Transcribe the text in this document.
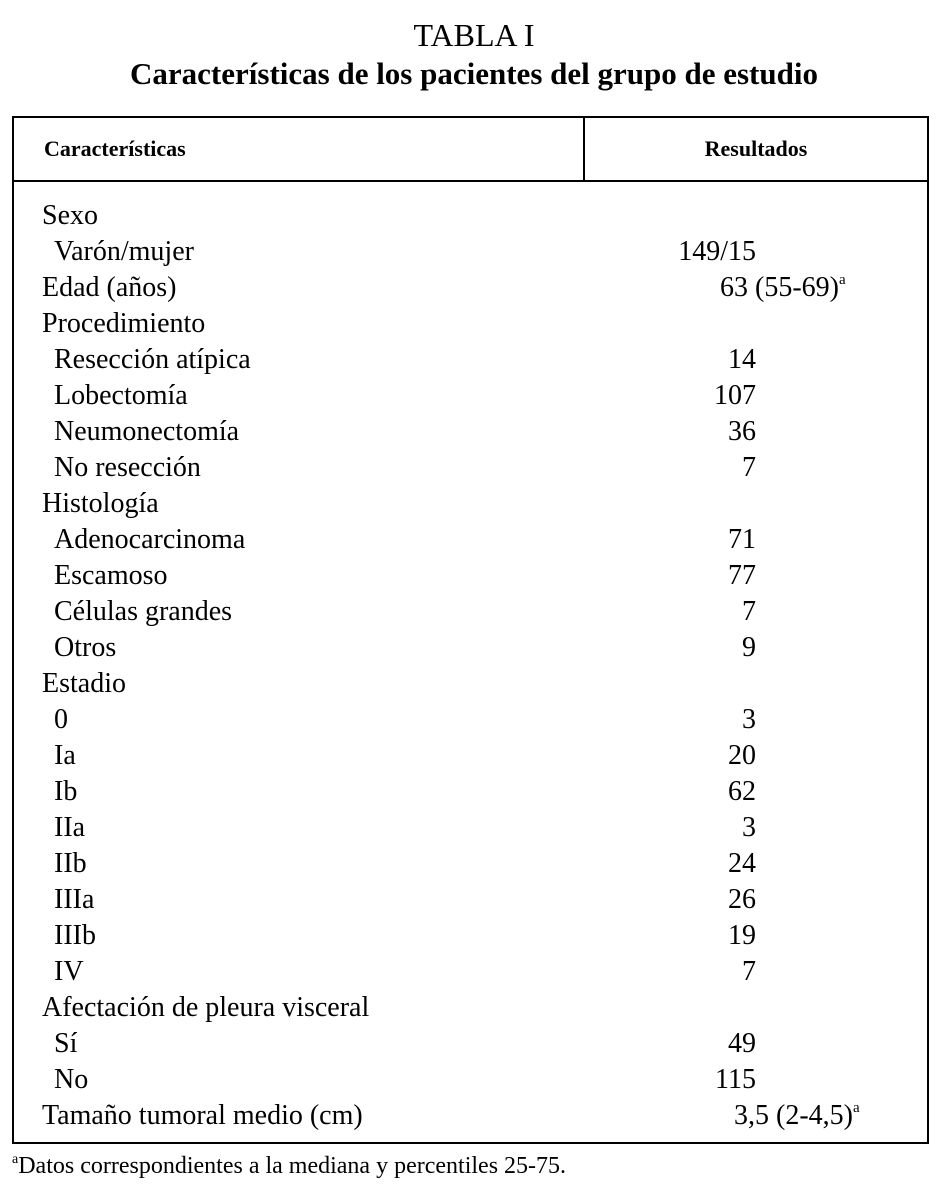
TABLA I
Características de los pacientes del grupo de estudio
Características	Resultados
Sexo
Varón/mujer	149/15
Edad (años)	63 $(55-69)^a$
Procedimiento
Resección atípica	14
Lobectomía	107
Neumonectomía	36
No resección	7
Histología
Adenocarcinoma	71
Escamoso	77
Células grandes	7
Otros	9
Estadio
0	3
Ia	20
Ib	62
IIa	3
IIb	24
IIIa	26
IIIb	19
IV	7
Afectación de pleura visceral
Sí	49
No	115
Tamaño tumoral medio (cm)	3,5 $(2-4,5)^a$
$^a$Datos correspondientes a la mediana y percentiles 25-75.
